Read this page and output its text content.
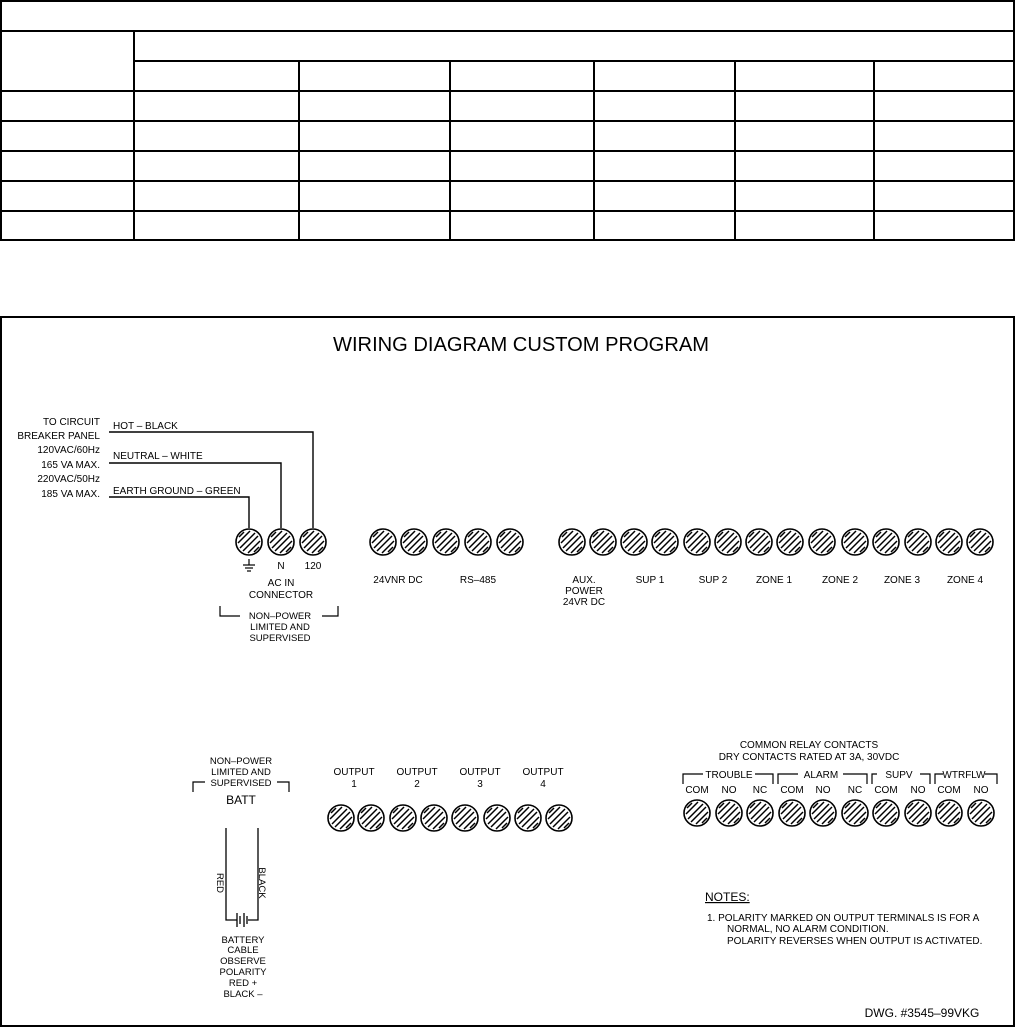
WIRING DIAGRAM CUSTOM PROGRAM
TO CIRCUIT
BREAKER PANEL
120VAC/60Hz
165 VA MAX.
220VAC/50Hz
185 VA MAX.
HOT – BLACK
NEUTRAL – WHITE
EARTH GROUND – GREEN
N 120
AC IN
CONNECTOR
NON–POWER
LIMITED AND
SUPERVISED
24VNR DC	RS–485	AUX.
POWER
24VR DC
SUP 1	SUP 2	ZONE 1	ZONE 2	ZONE 3	ZONE 4
NON–POWER
LIMITED AND
SUPERVISED
BATT
RED	BLACK
BATTERY
CABLE
OBSERVE
POLARITY
RED +
BLACK –
OUTPUT
1
OUTPUT
2
OUTPUT
3
OUTPUT
4
COMMON RELAY CONTACTS
DRY CONTACTS RATED AT 3A, 30VDC
TROUBLE	ALARM	SUPV	WTRFLW
COM NO NC COM NO NC COM NO COM NO
NOTES:
1. POLARITY MARKED ON OUTPUT TERMINALS IS FOR A
NORMAL, NO ALARM CONDITION.
POLARITY REVERSES WHEN OUTPUT IS ACTIVATED.
DWG. #3545–99VKG
